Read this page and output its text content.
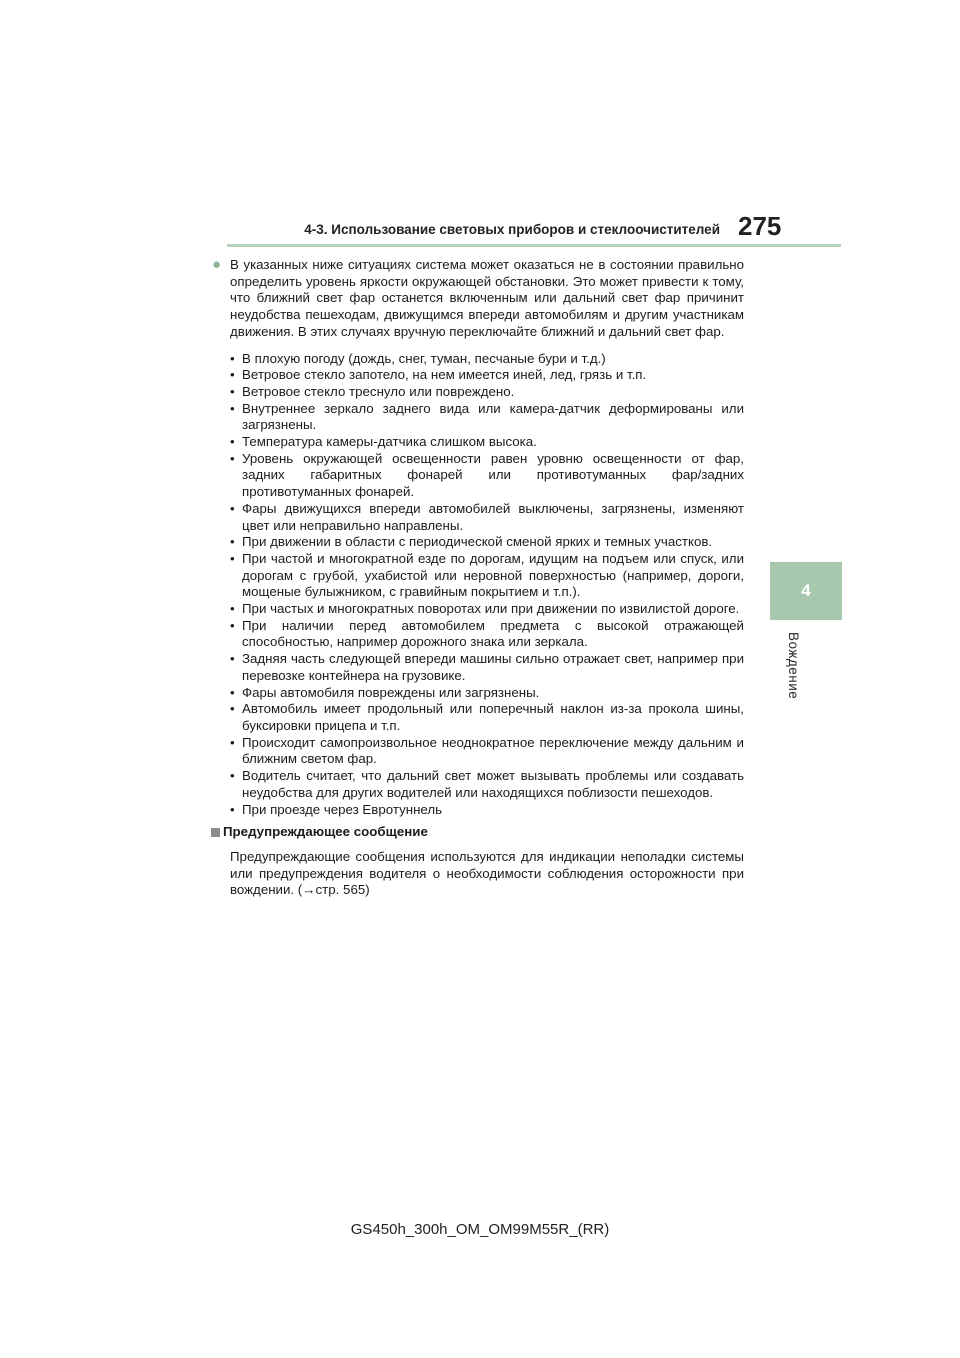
4-3. Использование световых приборов и стеклоочистителей 275
4
Вождение

● В указанных ниже ситуациях система может оказаться не в состоянии правильно определить уровень яркости окружающей обстановки. Это может привести к тому, что ближний свет фар останется включенным или дальний свет фар причинит неудобства пешеходам, движущимся впереди автомобилям и другим участникам движения. В этих случаях вручную переключайте ближний и дальний свет фар.

• В плохую погоду (дождь, снег, туман, песчаные бури и т.д.)
• Ветровое стекло запотело, на нем имеется иней, лед, грязь и т.п.
• Ветровое стекло треснуло или повреждено.
• Внутреннее зеркало заднего вида или камера-датчик деформированы или загрязнены.
• Температура камеры-датчика слишком высока.
• Уровень окружающей освещенности равен уровню освещенности от фар, задних габаритных фонарей или противотуманных фар/задних противотуманных фонарей.
• Фары движущихся впереди автомобилей выключены, загрязнены, изменяют цвет или неправильно направлены.
• При движении в области с периодической сменой ярких и темных участков.
• При частой и многократной езде по дорогам, идущим на подъем или спуск, или дорогам с грубой, ухабистой или неровной поверхностью (например, дороги, мощеные булыжником, с гравийным покрытием и т.п.).
• При частых и многократных поворотах или при движении по извилистой дороге.
• При наличии перед автомобилем предмета с высокой отражающей способностью, например дорожного знака или зеркала.
• Задняя часть следующей впереди машины сильно отражает свет, например при перевозке контейнера на грузовике.
• Фары автомобиля повреждены или загрязнены.
• Автомобиль имеет продольный или поперечный наклон из-за прокола шины, буксировки прицепа и т.п.
• Происходит самопроизвольное неоднократное переключение между дальним и ближним светом фар.
• Водитель считает, что дальний свет может вызывать проблемы или создавать неудобства для других водителей или находящихся поблизости пешеходов.
• При проезде через Евротуннель
Предупреждающее сообщение

Предупреждающие сообщения используются для индикации неполадки системы или предупреждения водителя о необходимости соблюдения осторожности при вождении. (→стр. 565)

GS450h_300h_OM_OM99M55R_(RR)
